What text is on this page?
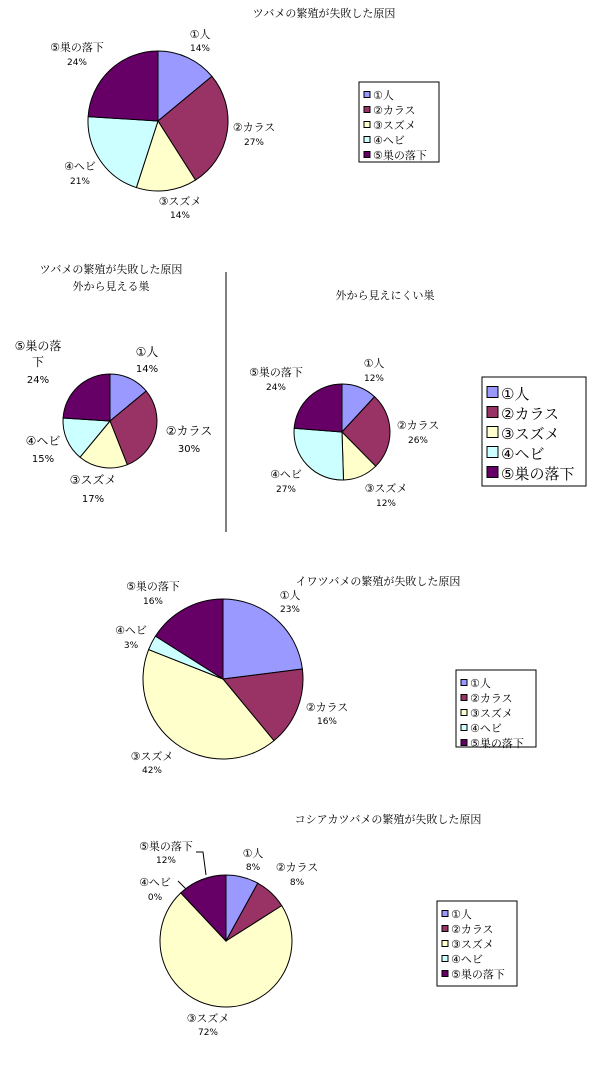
ツバメの繁殖が失敗した原因
ツバメの繁殖が失敗した原因
外から見える巣
外から見えにくい巣
イワツバメの繁殖が失敗した原因
コシアカツバメの繁殖が失敗した原因
①人
14%
②カラス
27%
③スズメ
14%
④ヘビ
21%
⑤巣の落下
24%
①人
14%
②カラス
30%
③スズメ
17%
④ヘビ
15%
⑤巣の落
下
24%
①人
12%
②カラス
26%
③スズメ
12%
④ヘビ
27%
⑤巣の落下
24%
①人
23%
②カラス
16%
③スズメ
42%
④ヘビ
3%
⑤巣の落下
16%
①人
8% ②カラス
8%
③スズメ
72%
④ヘビ
0%
⑤巣の落下
12%
①人
②カラス
③スズメ
④ヘビ
⑤巣の落下
①人
②カラス
③スズメ
④ヘビ
⑤巣の落下
①人
②カラス
③スズメ
④ヘビ
⑤巣の落下
①人
②カラス
③スズメ
④ヘビ
⑤巣の落下
